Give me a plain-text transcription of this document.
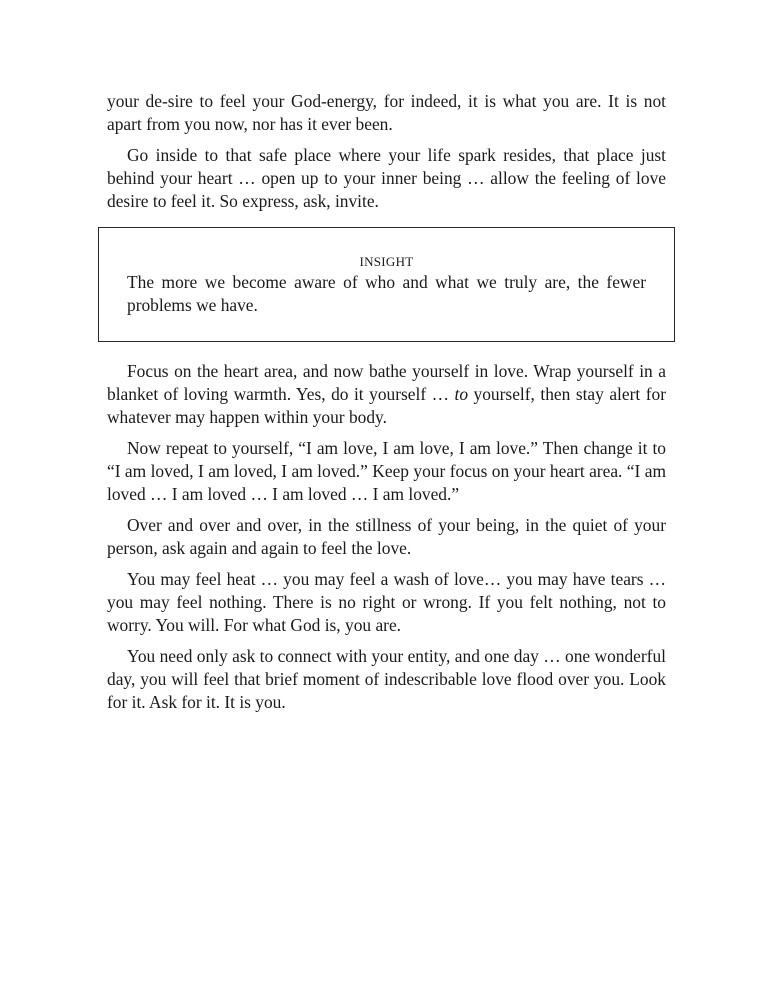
your de-sire to feel your God-energy, for indeed, it is what you are. It is not apart from you now, nor has it ever been.

Go inside to that safe place where your life spark resides, that place just behind your heart … open up to your inner being … allow the feeling of love desire to feel it. So express, ask, invite.

INSIGHT

The more we become aware of who and what we truly are, the fewer problems we have.

Focus on the heart area, and now bathe yourself in love. Wrap yourself in a blanket of loving warmth. Yes, do it yourself … to yourself, then stay alert for whatever may happen within your body.

Now repeat to yourself, “I am love, I am love, I am love.” Then change it to “I am loved, I am loved, I am loved.” Keep your focus on your heart area. “I am loved … I am loved … I am loved … I am loved.”

Over and over and over, in the stillness of your being, in the quiet of your person, ask again and again to feel the love.

You may feel heat … you may feel a wash of love… you may have tears … you may feel nothing. There is no right or wrong. If you felt nothing, not to worry. You will. For what God is, you are.

You need only ask to connect with your entity, and one day … one wonderful day, you will feel that brief moment of indescribable love flood over you. Look for it. Ask for it. It is you.
